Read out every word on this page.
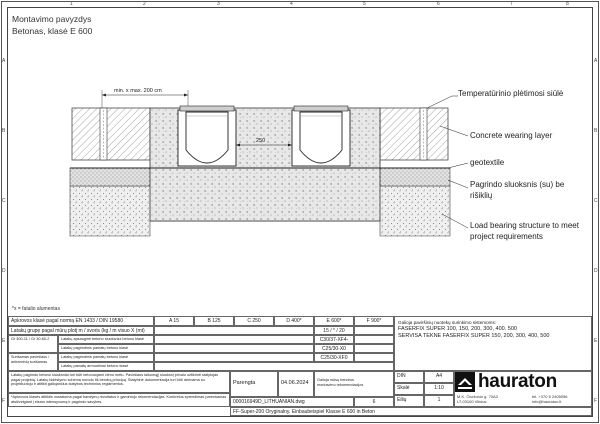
1	2	3	4	5	6	7	8
A
B
C
D
E
F
A
B
C
D
E
F
Montavimo pavyzdys
Betonas, klasė E 600
min. x max. 200 cm
250
Temperatūrinio plėtimosi siūlė
Concrete wearing layer
geotextile
Pagrindo sluoksnis (su) be
rišiklių
Load bearing structure to meet
project requirements
*x = fatalio alumentas
Apkrovos klasė pagal normą EN 1433 / DIN 19580	A 15	B 125	C 250	D 400*	E 600*	F 900*
Latakų grupę pagal mūrų plotį m / svoris (kg / m visuo X (mt)	15 / * / 20
Gr 300-11 / Gr 30-60-2	Latakų apsauginė betono sluoksniui betono klasė	C30/37-XF4-
Latakų pagrindinis pamatų betono klasė	C25/30-X0
Surišamas paviršiaus / antraminių surišamas
Latakų pagrindinis pamatų betono klasė	C25/30-XF0
Latakų pamatų armuotiniai betono klasė
Latakų pagrindo betono sluoksniai turi būti betonuojami vienu metu. Paviršiaus laikomąjį sluoksnį privalo užtikrinti statytojas pagal projektą. Latakų išdėstymo schema nurodo tik bendrą principą. Statybinė dokumentacija turi būti derinama su projektuotoju ir atitikti galiojančius statybos techninius reglamentus.
*Apkrovos klasės atitiktis nustatoma pagal bandymų rezultatus ir gamintojo rekomendacijas. Konkretus sprendimas parenkamas atsižvelgiant į eismo intensyvumą ir pagrindo savybes.
Parengta	04.06.2024	Galioja mūsų bendros
montavimo rekomendacijos
000016949D_LITHUANIAN.dwg	6
FF-Super-200 Oryginalny. Einbaubeispiel Klasse E 600 in Beton
Galioja paviršinių nuotekų surinkimo sistemoms:
FASERFIX SUPER 100, 150, 200, 300, 400, 500
SERVISA TEKNE FASERFIX SUPER 150, 200, 300, 400, 500
DIN	A4
Skalė	1:10
Eilių	1
hauraton
M.K. Čiurlionio g. 70A3
LT-03100 Vilnius
tel. +370 5 2405056
info@hauraton.lt
